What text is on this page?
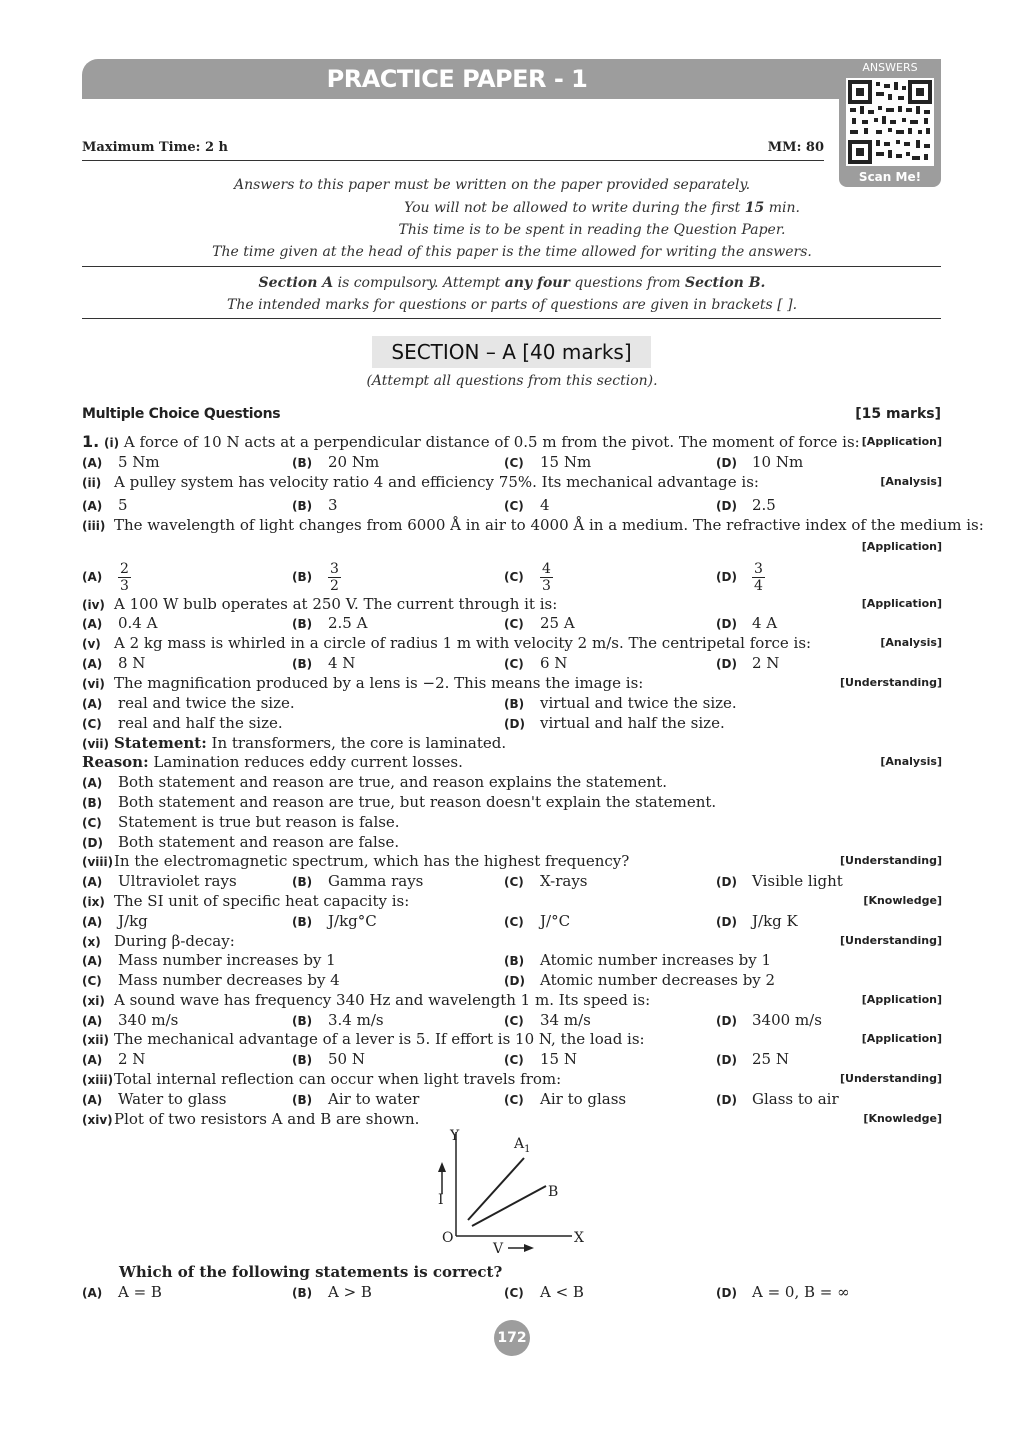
PRACTICE PAPER - 1	ANSWERS
Scan Me!
Maximum Time: 2 h	MM: 80
Answers to this paper must be written on the paper provided separately.
You will not be allowed to write during the first 15 min.
This time is to be spent in reading the Question Paper.
The time given at the head of this paper is the time allowed for writing the answers.
Section A is compulsory. Attempt any four questions from Section B.
The intended marks for questions or parts of questions are given in brackets [ ].
SECTION – A [40 marks]
(Attempt all questions from this section).
Multiple Choice Questions	[15 marks]
1. (i) A force of 10 N acts at a perpendicular distance of 0.5 m from the pivot. The moment of force is: [Application]
(A) 5 Nm	(B) 20 Nm	(C) 15 Nm	(D) 10 Nm
(ii) A pulley system has velocity ratio 4 and efficiency 75%. Its mechanical advantage is:	[Analysis]
(A) 5	(B) 3	(C) 4	(D) 2.5
(iii) The wavelength of light changes from 6000 Å in air to 4000 Å in a medium. The refractive index of the medium is:
[Application]
$(A) \frac{2}{3}$	$(B) \frac{3}{2}$	$(C) \frac{4}{3}$	$(D) \frac{3}{4}$
(iv) A 100 W bulb operates at 250 V. The current through it is:	[Application]
(A) 0.4 A	(B) 2.5 A	(C) 25 A	(D) 4 A
(v) A 2 kg mass is whirled in a circle of radius 1 m with velocity 2 m/s. The centripetal force is:	[Analysis]
(A) 8 N	(B) 4 N	(C) 6 N	(D) 2 N
(vi) The magnification produced by a lens is −2. This means the image is:	[Understanding]
(A) real and twice the size.	(B) virtual and twice the size.
(C) real and half the size.	(D) virtual and half the size.
(vii) Statement: In transformers, the core is laminated.
Reason: Lamination reduces eddy current losses.	[Analysis]
(A) Both statement and reason are true, and reason explains the statement.
(B) Both statement and reason are true, but reason doesn't explain the statement.
(C) Statement is true but reason is false.
(D) Both statement and reason are false.
(viii)In the electromagnetic spectrum, which has the highest frequency?	[Understanding]
(A) Ultraviolet rays	(B) Gamma rays	(C) X-rays	(D) Visible light
(ix) The SI unit of specific heat capacity is:	[Knowledge]
(A) J/kg	(B) J/kg°C	(C) J/°C	(D) J/kg K
(x) During β-decay:	[Understanding]
(A) Mass number increases by 1	(B) Atomic number increases by 1
(C) Mass number decreases by 4	(D) Atomic number decreases by 2
(xi) A sound wave has frequency 340 Hz and wavelength 1 m. Its speed is:	[Application]
(A) 340 m/s	(B) 3.4 m/s	(C) 34 m/s	(D) 3400 m/s
(xii) The mechanical advantage of a lever is 5. If effort is 10 N, the load is:	[Application]
(A) 2 N	(B) 50 N	(C) 15 N	(D) 25 N
(xiii)Total internal reflection can occur when light travels from:	[Understanding]
(A) Water to glass	(B) Air to water	(C) Air to glass	(D) Glass to air
(xiv)Plot of two resistors A and B are shown.	[Knowledge]
Y
X
O
$A_1$
B
I
V
Which of the following statements is correct?
(A) A = B	(B) A > B	(C) A < B	(D) A = 0, B = ∞
172
